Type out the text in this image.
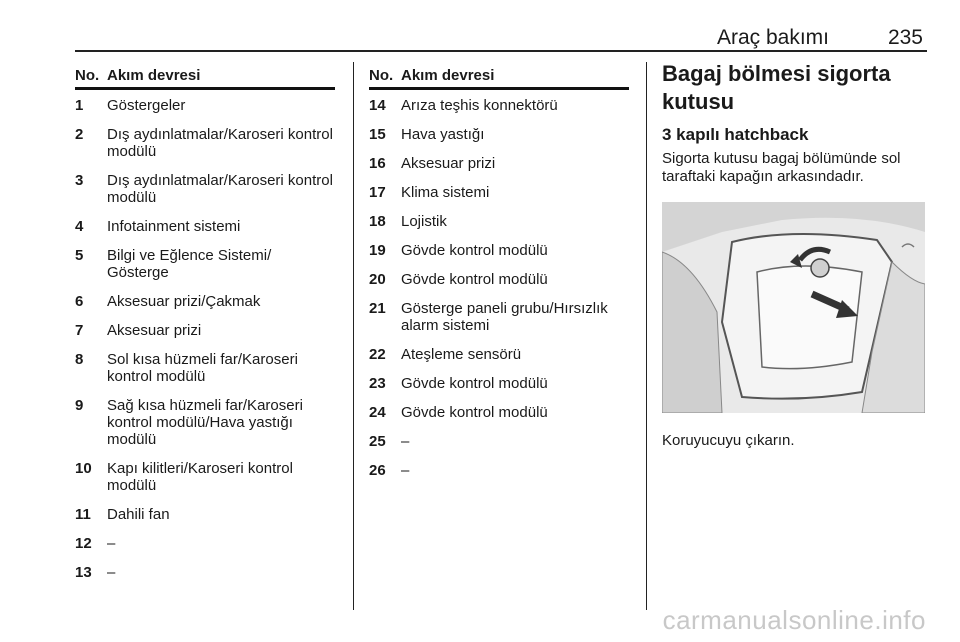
Araç bakımı	235
No. Akım devresi
1	Göstergeler
2	Dış aydınlatmalar/Karoseri kontrol modülü
3	Dış aydınlatmalar/Karoseri kontrol modülü
4	Infotainment sistemi
5	Bilgi ve Eğlence Sistemi/ Gösterge
6	Aksesuar prizi/Çakmak
7	Aksesuar prizi
8	Sol kısa hüzmeli far/Karoseri kontrol modülü
9	Sağ kısa hüzmeli far/Karoseri kontrol modülü/Hava yastığı modülü
10	Kapı kilitleri/Karoseri kontrol modülü
11	Dahili fan
12	–
13	–
No. Akım devresi
14	Arıza teşhis konnektörü
15	Hava yastığı
16	Aksesuar prizi
17	Klima sistemi
18	Lojistik
19	Gövde kontrol modülü
20	Gövde kontrol modülü
21	Gösterge paneli grubu/Hırsızlık alarm sistemi
22	Ateşleme sensörü
23	Gövde kontrol modülü
24	Gövde kontrol modülü
25	–
26	–
Bagaj bölmesi sigorta kutusu
3 kapılı hatchback
Sigorta kutusu bagaj bölümünde sol taraftaki kapağın arkasındadır.
Koruyucuyu çıkarın.
carmanualsonline.info
